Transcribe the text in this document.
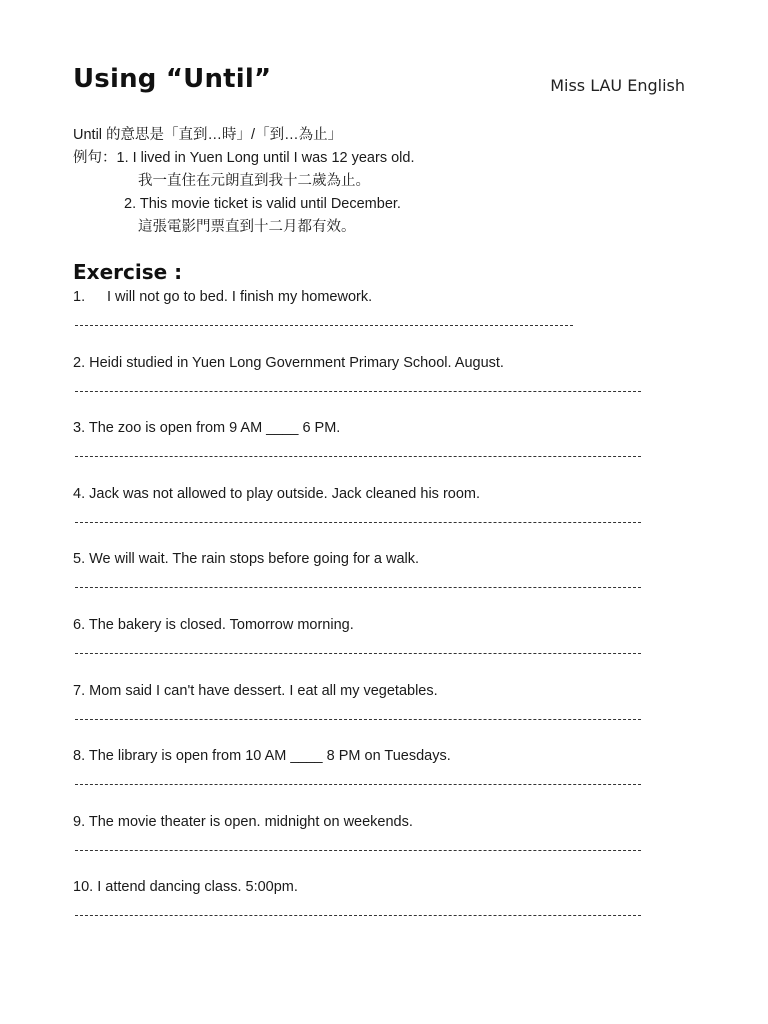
Using “Until”	Miss LAU English
Until 的意思是「直到…時」/「到…為止」
例句：1. I lived in Yuen Long until I was 12 years old.
我一直住在元朗直到我十二歲為止。
2. This movie ticket is valid until December.
這張電影門票直到十二月都有效。
Exercise :
1. I will not go to bed. I finish my homework.
2. Heidi studied in Yuen Long Government Primary School. August.
3. The zoo is open from 9 AM ____ 6 PM.
4. Jack was not allowed to play outside. Jack cleaned his room.
5. We will wait. The rain stops before going for a walk.
6. The bakery is closed. Tomorrow morning.
7. Mom said I can't have dessert. I eat all my vegetables.
8. The library is open from 10 AM ____ 8 PM on Tuesdays.
9. The movie theater is open. midnight on weekends.
10. I attend dancing class. 5:00pm.
